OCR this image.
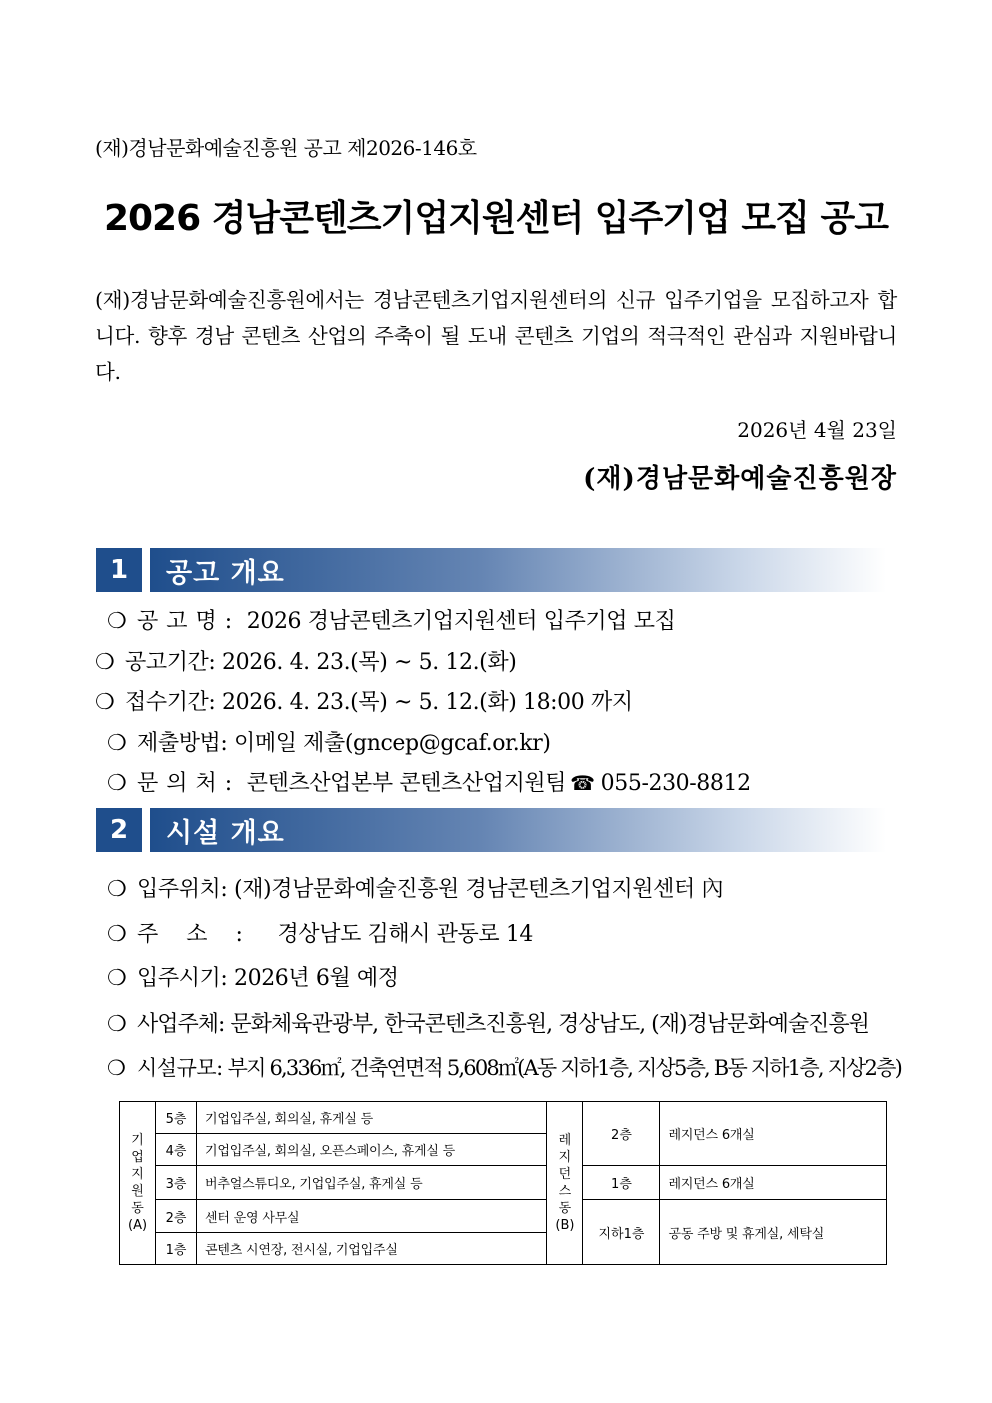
(재)경남문화예술진흥원 공고 제2026-146호
2026 경남콘텐츠기업지원센터 입주기업 모집 공고
(재)경남문화예술진흥원에서는 경남콘텐츠기업지원센터의 신규 입주기업을 모집하고자 합니다. 향후 경남 콘텐츠 산업의 주축이 될 도내 콘텐츠 기업의 적극적인 관심과 지원바랍니다.
2026년 4월 23일
(재)경남문화예술진흥원장
1	공고 개요
❍ 공고명: 2026 경남콘텐츠기업지원센터 입주기업 모집
❍ 공고기간: 2026. 4. 23.(목) ~ 5. 12.(화)
❍ 접수기간: 2026. 4. 23.(목) ~ 5. 12.(화) 18:00 까지
❍ 제출방법: 이메일 제출(gncep@gcaf.or.kr)
❍ 문의처: 콘텐츠산업본부 콘텐츠산업지원팀 ☎ 055-230-8812
2	시설 개요
❍ 입주위치: (재)경남문화예술진흥원 경남콘텐츠기업지원센터 內
❍ 주소: 경상남도 김해시 관동로 14
❍ 입주시기: 2026년 6월 예정
❍ 사업주체: 문화체육관광부, 한국콘텐츠진흥원, 경상남도, (재)경남문화예술진흥원
❍ 시설규모: 부지 6,336㎡, 건축연면적 5,608㎡(A동 지하1층, 지상5층, B동 지하1층, 지상2층)
기업지원동(A)	5층	기업입주실, 회의실, 휴게실 등	레지던스동(B)	2층	레지던스 6개실
	4층	기업입주실, 회의실, 오픈스페이스, 휴게실 등			
	3층	버추얼스튜디오, 기업입주실, 휴게실 등		1층	레지던스 6개실
	2층	센터 운영 사무실		지하1층	공동 주방 및 휴게실, 세탁실
	1층	콘텐츠 시연장, 전시실, 기업입주실			
